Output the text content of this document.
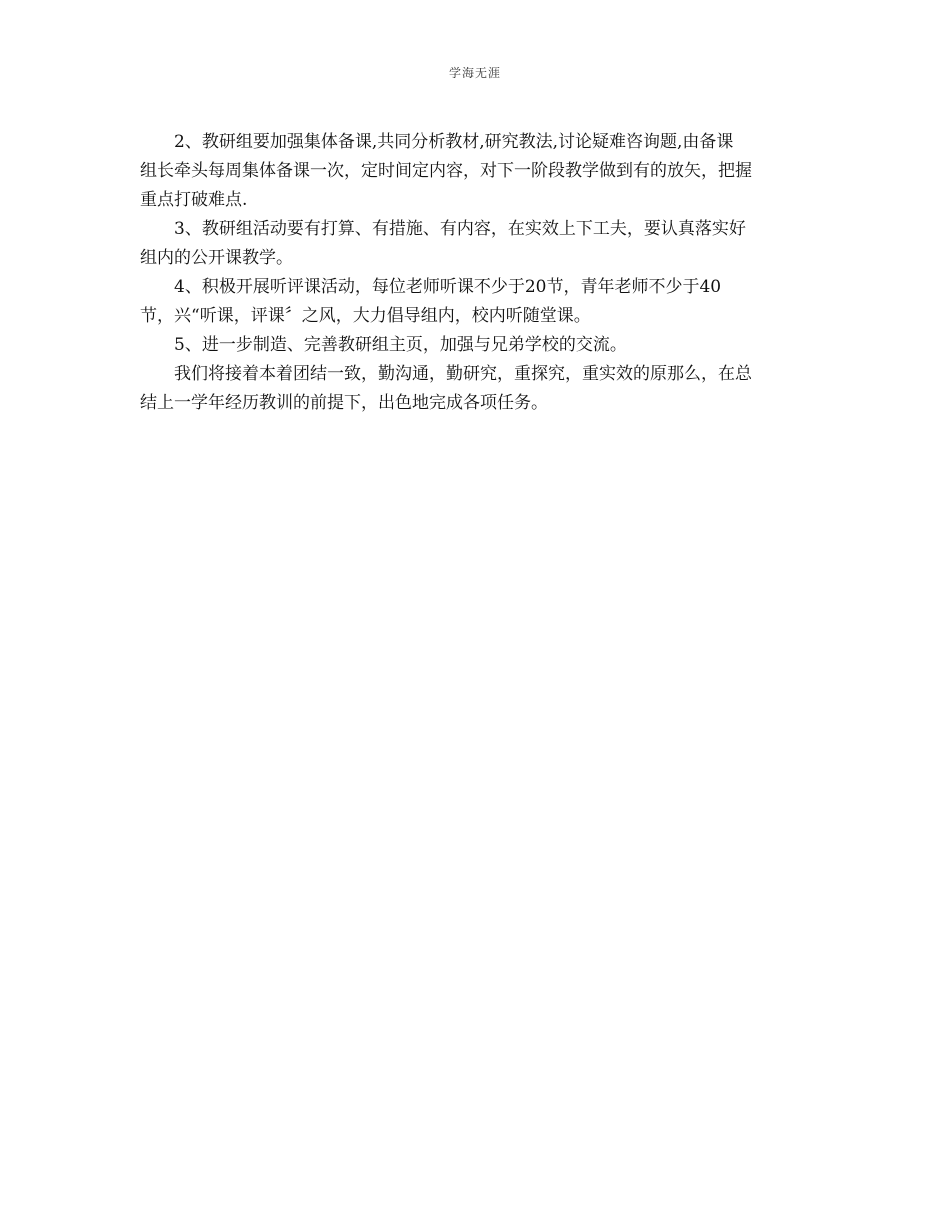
学海无涯

2、教研组要加强集体备课,共同分析教材,研究教法,讨论疑难咨询题,由备课
组长牵头每周集体备课一次，定时间定内容，对下一阶段教学做到有的放矢，把握
重点打破难点.

3、教研组活动要有打算、有措施、有内容，在实效上下工夫，要认真落实好
组内的公开课教学。

4、积极开展听评课活动，每位老师听课不少于20节，青年老师不少于40
节，兴“听课，评课〞之风，大力倡导组内，校内听随堂课。

5、进一步制造、完善教研组主页，加强与兄弟学校的交流。

我们将接着本着团结一致，勤沟通，勤研究，重探究，重实效的原那么，在总
结上一学年经历教训的前提下，出色地完成各项任务。
